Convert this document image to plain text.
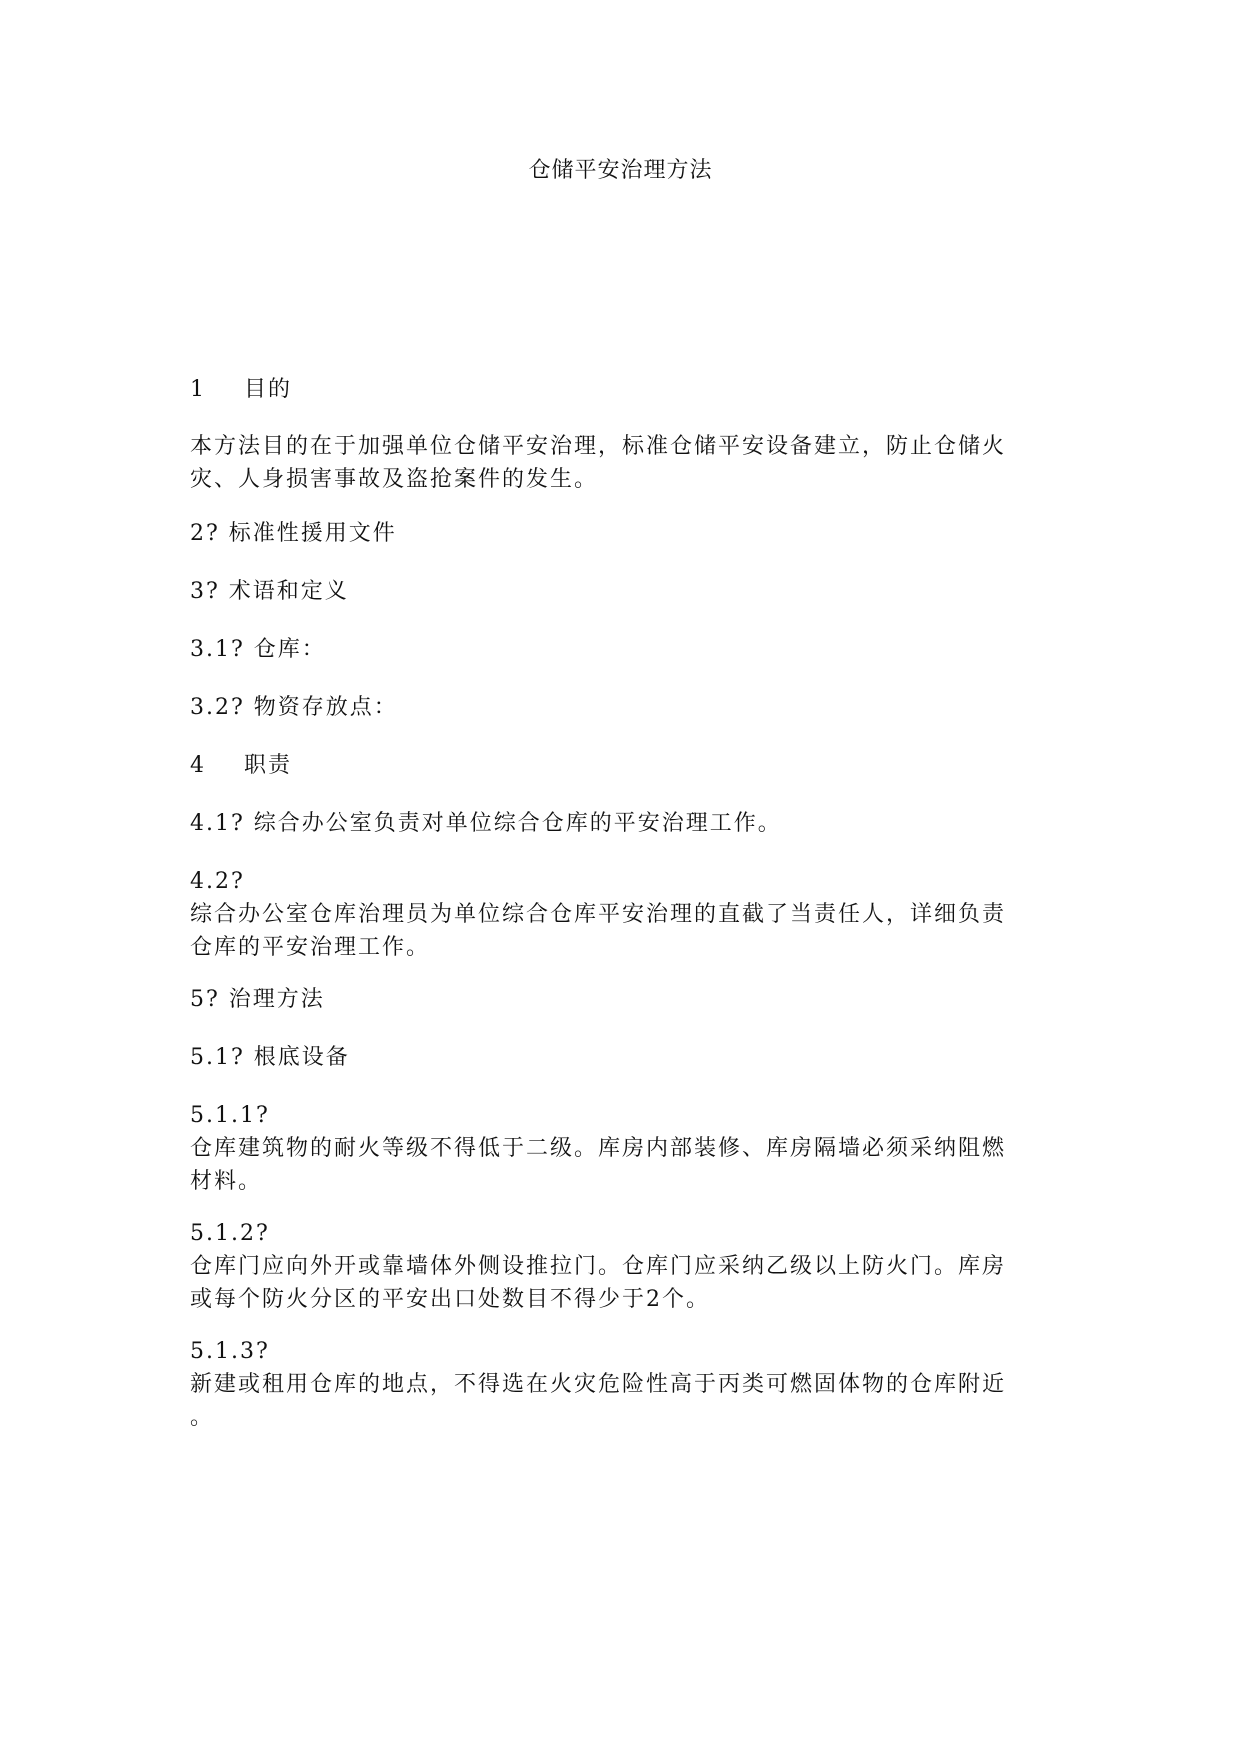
仓储平安治理方法
1 目的
本方法目的在于加强单位仓储平安治理，标准仓储平安设备建立，防止仓储火
灾、人身损害事故及盗抢案件的发生。
2? 标准性援用文件
3? 术语和定义
3.1? 仓库：
3.2? 物资存放点：
4 职责
4.1? 综合办公室负责对单位综合仓库的平安治理工作。
4.2?
综合办公室仓库治理员为单位综合仓库平安治理的直截了当责任人，详细负责
仓库的平安治理工作。
5? 治理方法
5.1? 根底设备
5.1.1?
仓库建筑物的耐火等级不得低于二级。库房内部装修、库房隔墙必须采纳阻燃
材料。
5.1.2?
仓库门应向外开或靠墙体外侧设推拉门。仓库门应采纳乙级以上防火门。库房
或每个防火分区的平安出口处数目不得少于2个。
5.1.3?
新建或租用仓库的地点，不得选在火灾危险性高于丙类可燃固体物的仓库附近
。
